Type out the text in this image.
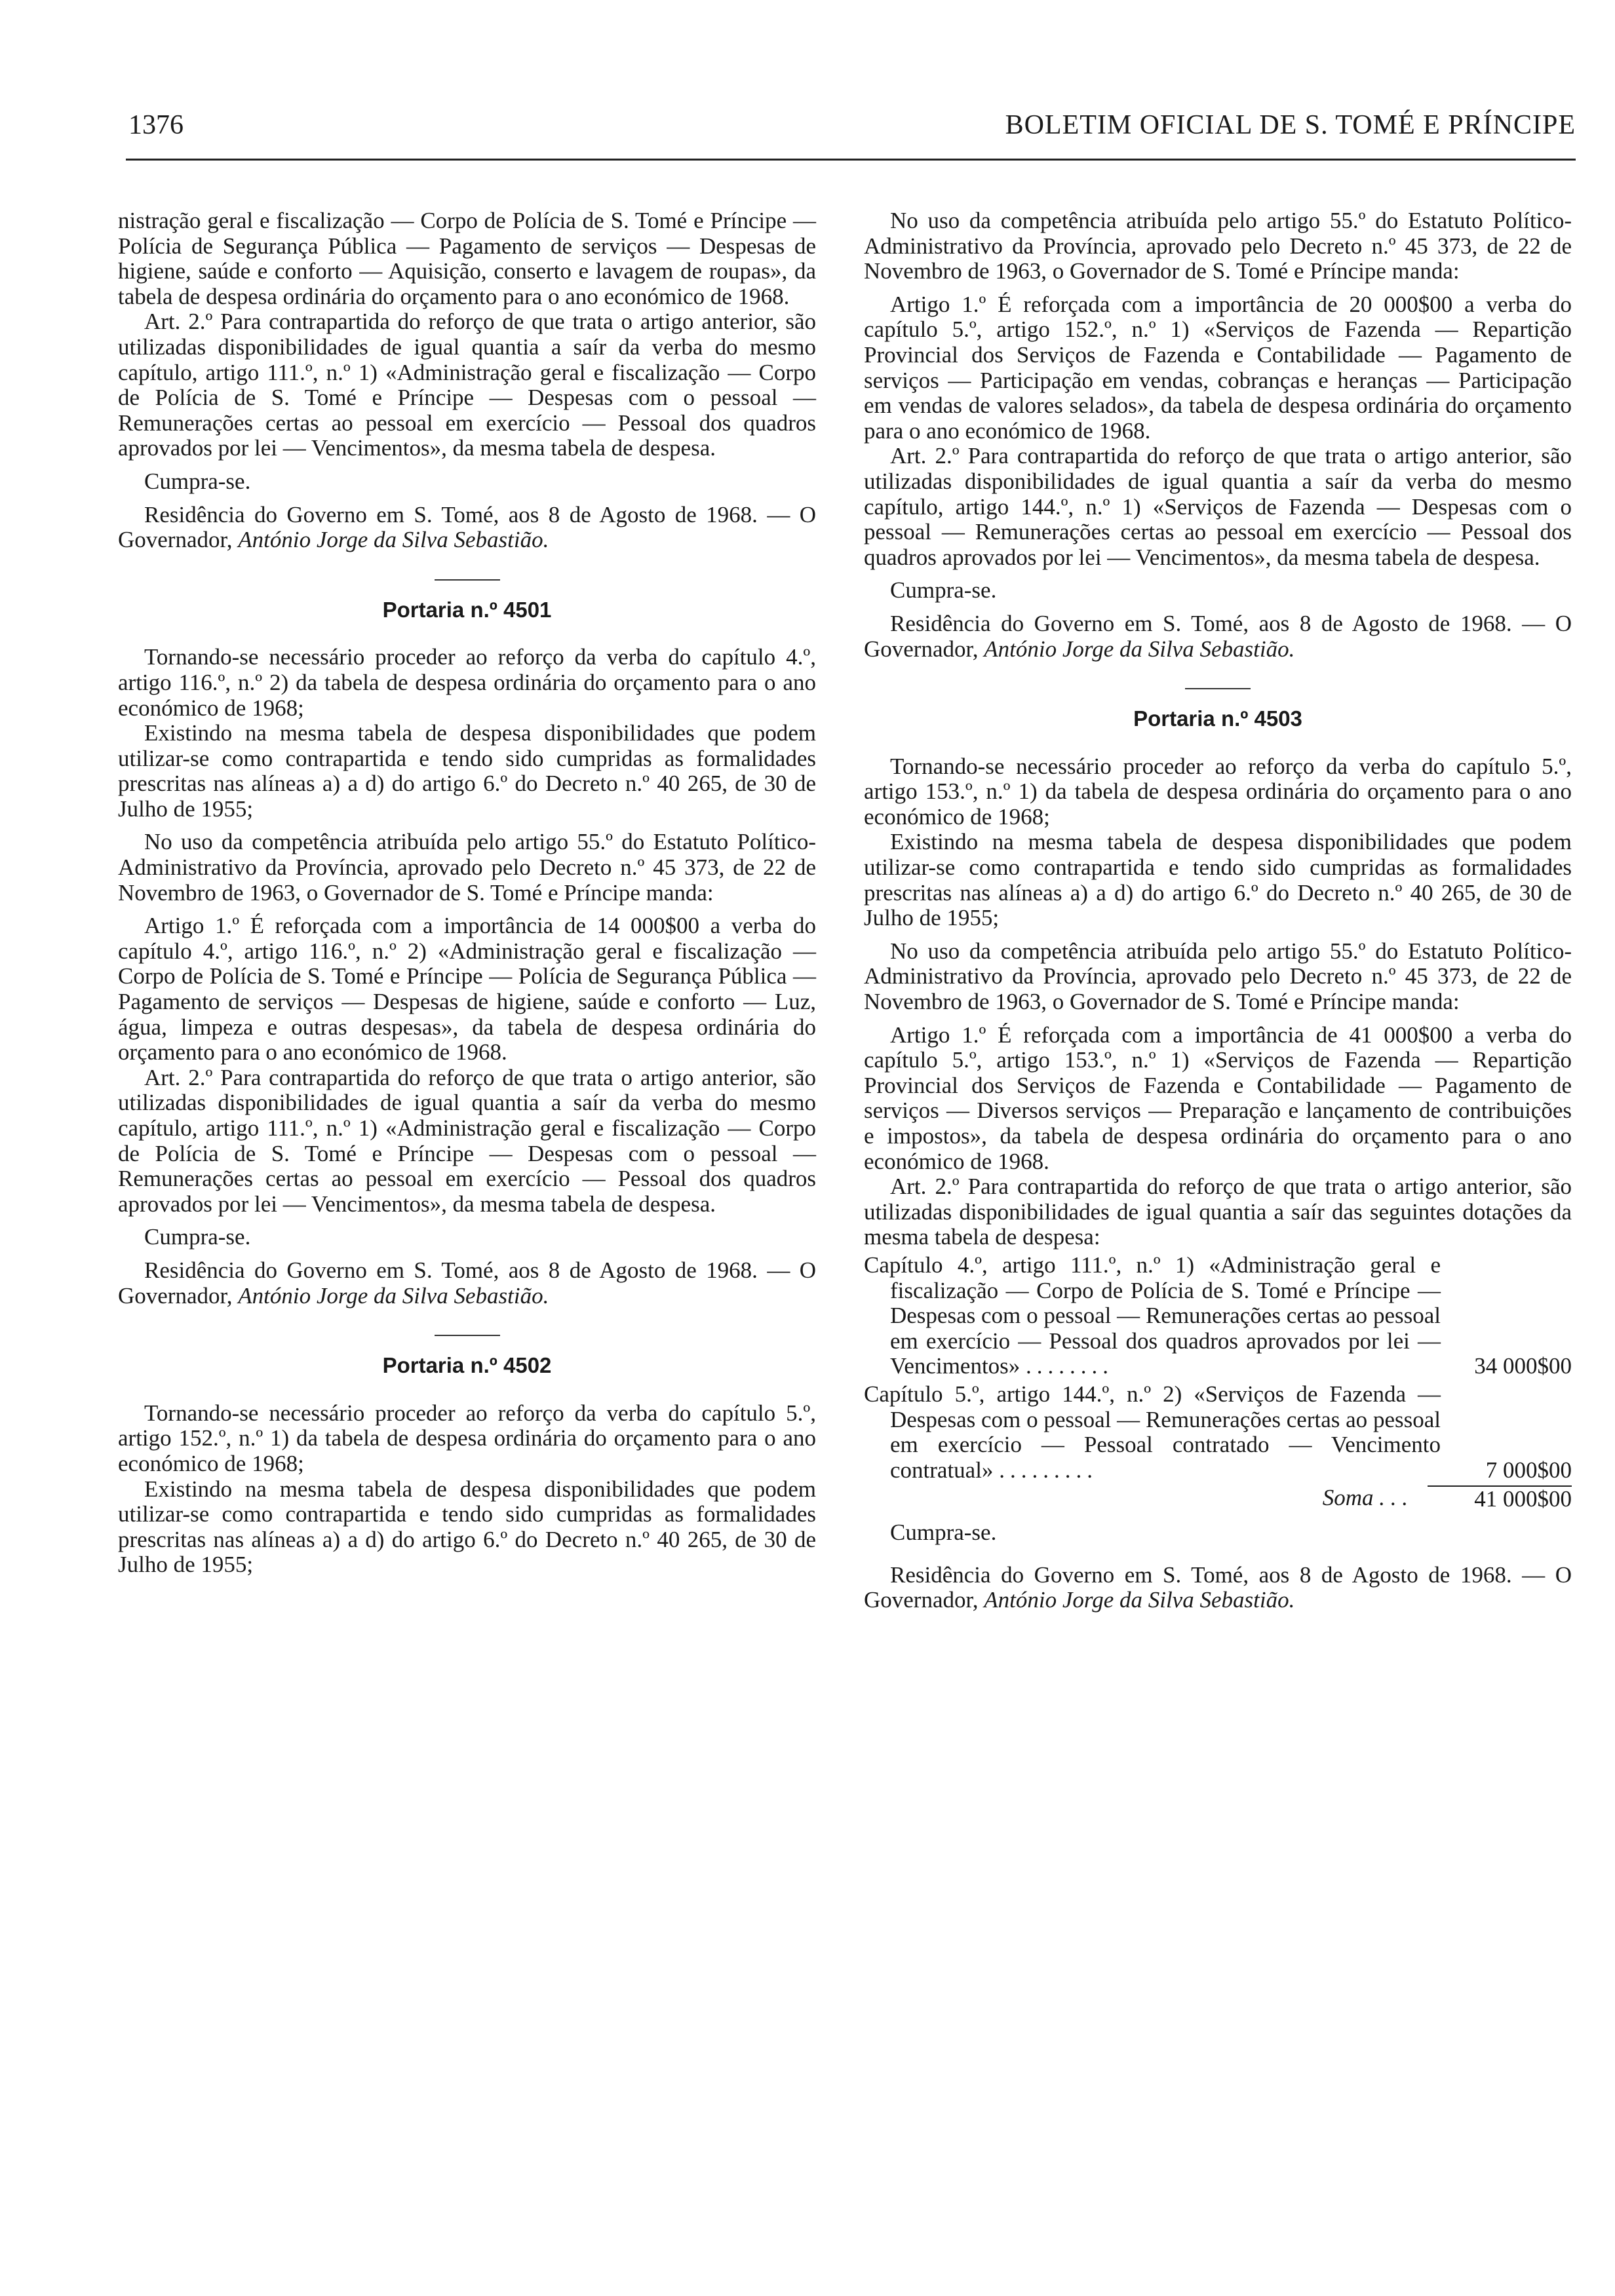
1376	BOLETIM OFICIAL DE S. TOMÉ E PRÍNCIPE

nistração geral e fiscalização — Corpo de Polícia de S. Tomé e Príncipe — Polícia de Segurança Pública — Pagamento de serviços — Despesas de higiene, saúde e conforto — Aquisição, conserto e lavagem de roupas», da tabela de despesa ordinária do orçamento para o ano económico de 1968.

Art. 2.º Para contrapartida do reforço de que trata o artigo anterior, são utilizadas disponibilidades de igual quantia a saír da verba do mesmo capítulo, artigo 111.º, n.º 1) «Administração geral e fiscalização — Corpo de Polícia de S. Tomé e Príncipe — Despesas com o pessoal — Remunerações certas ao pessoal em exercício — Pessoal dos quadros aprovados por lei — Vencimentos», da mesma tabela de despesa.

Cumpra-se.

Residência do Governo em S. Tomé, aos 8 de Agosto de 1968. — O Governador, António Jorge da Silva Sebastião.

Portaria n.º 4501

Tornando-se necessário proceder ao reforço da verba do capítulo 4.º, artigo 116.º, n.º 2) da tabela de despesa ordinária do orçamento para o ano económico de 1968;

Existindo na mesma tabela de despesa disponibilidades que podem utilizar-se como contrapartida e tendo sido cumpridas as formalidades prescritas nas alíneas a) a d) do artigo 6.º do Decreto n.º 40 265, de 30 de Julho de 1955;

No uso da competência atribuída pelo artigo 55.º do Estatuto Político-Administrativo da Província, aprovado pelo Decreto n.º 45 373, de 22 de Novembro de 1963, o Governador de S. Tomé e Príncipe manda:

Artigo 1.º É reforçada com a importância de 14 000$00 a verba do capítulo 4.º, artigo 116.º, n.º 2) «Administração geral e fiscalização — Corpo de Polícia de S. Tomé e Príncipe — Polícia de Segurança Pública — Pagamento de serviços — Despesas de higiene, saúde e conforto — Luz, água, limpeza e outras despesas», da tabela de despesa ordinária do orçamento para o ano económico de 1968.

Art. 2.º Para contrapartida do reforço de que trata o artigo anterior, são utilizadas disponibilidades de igual quantia a saír da verba do mesmo capítulo, artigo 111.º, n.º 1) «Administração geral e fiscalização — Corpo de Polícia de S. Tomé e Príncipe — Despesas com o pessoal — Remunerações certas ao pessoal em exercício — Pessoal dos quadros aprovados por lei — Vencimentos», da mesma tabela de despesa.

Cumpra-se.

Residência do Governo em S. Tomé, aos 8 de Agosto de 1968. — O Governador, António Jorge da Silva Sebastião.

Portaria n.º 4502

Tornando-se necessário proceder ao reforço da verba do capítulo 5.º, artigo 152.º, n.º 1) da tabela de despesa ordinária do orçamento para o ano económico de 1968;

Existindo na mesma tabela de despesa disponibilidades que podem utilizar-se como contrapartida e tendo sido cumpridas as formalidades prescritas nas alíneas a) a d) do artigo 6.º do Decreto n.º 40 265, de 30 de Julho de 1955;

No uso da competência atribuída pelo artigo 55.º do Estatuto Político-Administrativo da Província, aprovado pelo Decreto n.º 45 373, de 22 de Novembro de 1963, o Governador de S. Tomé e Príncipe manda:

Artigo 1.º É reforçada com a importância de 20 000$00 a verba do capítulo 5.º, artigo 152.º, n.º 1) «Serviços de Fazenda — Repartição Provincial dos Serviços de Fazenda e Contabilidade — Pagamento de serviços — Participação em vendas, cobranças e heranças — Participação em vendas de valores selados», da tabela de despesa ordinária do orçamento para o ano económico de 1968.

Art. 2.º Para contrapartida do reforço de que trata o artigo anterior, são utilizadas disponibilidades de igual quantia a saír da verba do mesmo capítulo, artigo 144.º, n.º 1) «Serviços de Fazenda — Despesas com o pessoal — Remunerações certas ao pessoal em exercício — Pessoal dos quadros aprovados por lei — Vencimentos», da mesma tabela de despesa.

Cumpra-se.

Residência do Governo em S. Tomé, aos 8 de Agosto de 1968. — O Governador, António Jorge da Silva Sebastião.

Portaria n.º 4503

Tornando-se necessário proceder ao reforço da verba do capítulo 5.º, artigo 153.º, n.º 1) da tabela de despesa ordinária do orçamento para o ano económico de 1968;

Existindo na mesma tabela de despesa disponibilidades que podem utilizar-se como contrapartida e tendo sido cumpridas as formalidades prescritas nas alíneas a) a d) do artigo 6.º do Decreto n.º 40 265, de 30 de Julho de 1955;

No uso da competência atribuída pelo artigo 55.º do Estatuto Político-Administrativo da Província, aprovado pelo Decreto n.º 45 373, de 22 de Novembro de 1963, o Governador de S. Tomé e Príncipe manda:

Artigo 1.º É reforçada com a importância de 41 000$00 a verba do capítulo 5.º, artigo 153.º, n.º 1) «Serviços de Fazenda — Repartição Provincial dos Serviços de Fazenda e Contabilidade — Pagamento de serviços — Diversos serviços — Preparação e lançamento de contribuições e impostos», da tabela de despesa ordinária do orçamento para o ano económico de 1968.

Art. 2.º Para contrapartida do reforço de que trata o artigo anterior, são utilizadas disponibilidades de igual quantia a saír das seguintes dotações da mesma tabela de despesa:

Capítulo 4.º, artigo 111.º, n.º 1) «Administração geral e fiscalização — Corpo de Polícia de S. Tomé e Príncipe — Despesas com o pessoal — Remunerações certas ao pessoal em exercício — Pessoal dos quadros aprovados por lei — Vencimentos» ........	34 000$00
Capítulo 5.º, artigo 144.º, n.º 2) «Serviços de Fazenda — Despesas com o pessoal — Remunerações certas ao pessoal em exercício — Pessoal contratado — Vencimento contratual» .........	7 000$00
Soma . . .	41 000$00

Cumpra-se.

Residência do Governo em S. Tomé, aos 8 de Agosto de 1968. — O Governador, António Jorge da Silva Sebastião.
